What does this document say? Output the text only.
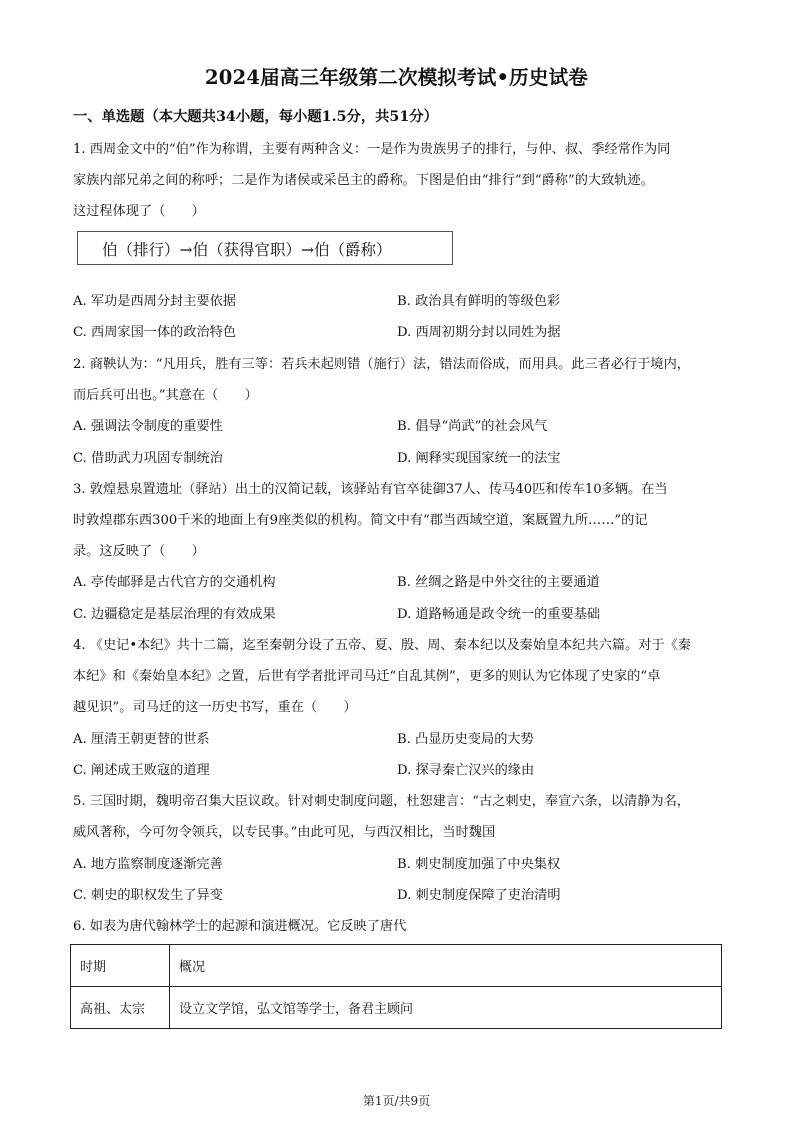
2024届高三年级第二次模拟考试•历史试卷
一、单选题（本大题共34小题，每小题1.5分，共51分）
1. 西周金文中的“伯”作为称谓，主要有两种含义：一是作为贵族男子的排行，与仲、叔、季经常作为同
家族内部兄弟之间的称呼；二是作为诸侯或采邑主的爵称。下图是伯由“排行”到“爵称”的大致轨迹。
这过程体现了（　　）
伯（排行）→伯（获得官职）→伯（爵称）
A. 军功是西周分封主要依据	B. 政治具有鲜明的等级色彩
C. 西周家国一体的政治特色	D. 西周初期分封以同姓为据
2. 商鞅认为：“凡用兵，胜有三等：若兵未起则错（施行）法，错法而俗成，而用具。此三者必行于境内，
而后兵可出也。”其意在（　　）
A. 强调法令制度的重要性	B. 倡导“尚武”的社会风气
C. 借助武力巩固专制统治	D. 阐释实现国家统一的法宝
3. 敦煌悬泉置遗址（驿站）出土的汉简记载，该驿站有官卒徒御37人、传马40匹和传车10多辆。在当
时敦煌郡东西300千米的地面上有9座类似的机构。简文中有“郡当西域空道，案厩置九所……”的记
录。这反映了（　　）
A. 亭传邮驿是古代官方的交通机构	B. 丝绸之路是中外交往的主要通道
C. 边疆稳定是基层治理的有效成果	D. 道路畅通是政令统一的重要基础
4. 《史记•本纪》共十二篇，迄至秦朝分设了五帝、夏、殷、周、秦本纪以及秦始皇本纪共六篇。对于《秦
本纪》和《秦始皇本纪》之置，后世有学者批评司马迁“自乱其例”，更多的则认为它体现了史家的“卓
越见识”。司马迁的这一历史书写，重在（　　）
A. 厘清王朝更替的世系	B. 凸显历史变局的大势
C. 阐述成王败寇的道理	D. 探寻秦亡汉兴的缘由
5. 三国时期，魏明帝召集大臣议政。针对刺史制度问题，杜恕建言：“古之刺史，奉宣六条，以清静为名，
威风著称，今可勿令领兵，以专民事。”由此可见，与西汉相比，当时魏国
A. 地方监察制度逐渐完善	B. 刺史制度加强了中央集权
C. 刺史的职权发生了异变	D. 刺史制度保障了吏治清明
6. 如表为唐代翰林学士的起源和演进概况。它反映了唐代
时期	概况
高祖、太宗	设立文学馆，弘文馆等学士，备君主顾问
第1页/共9页
